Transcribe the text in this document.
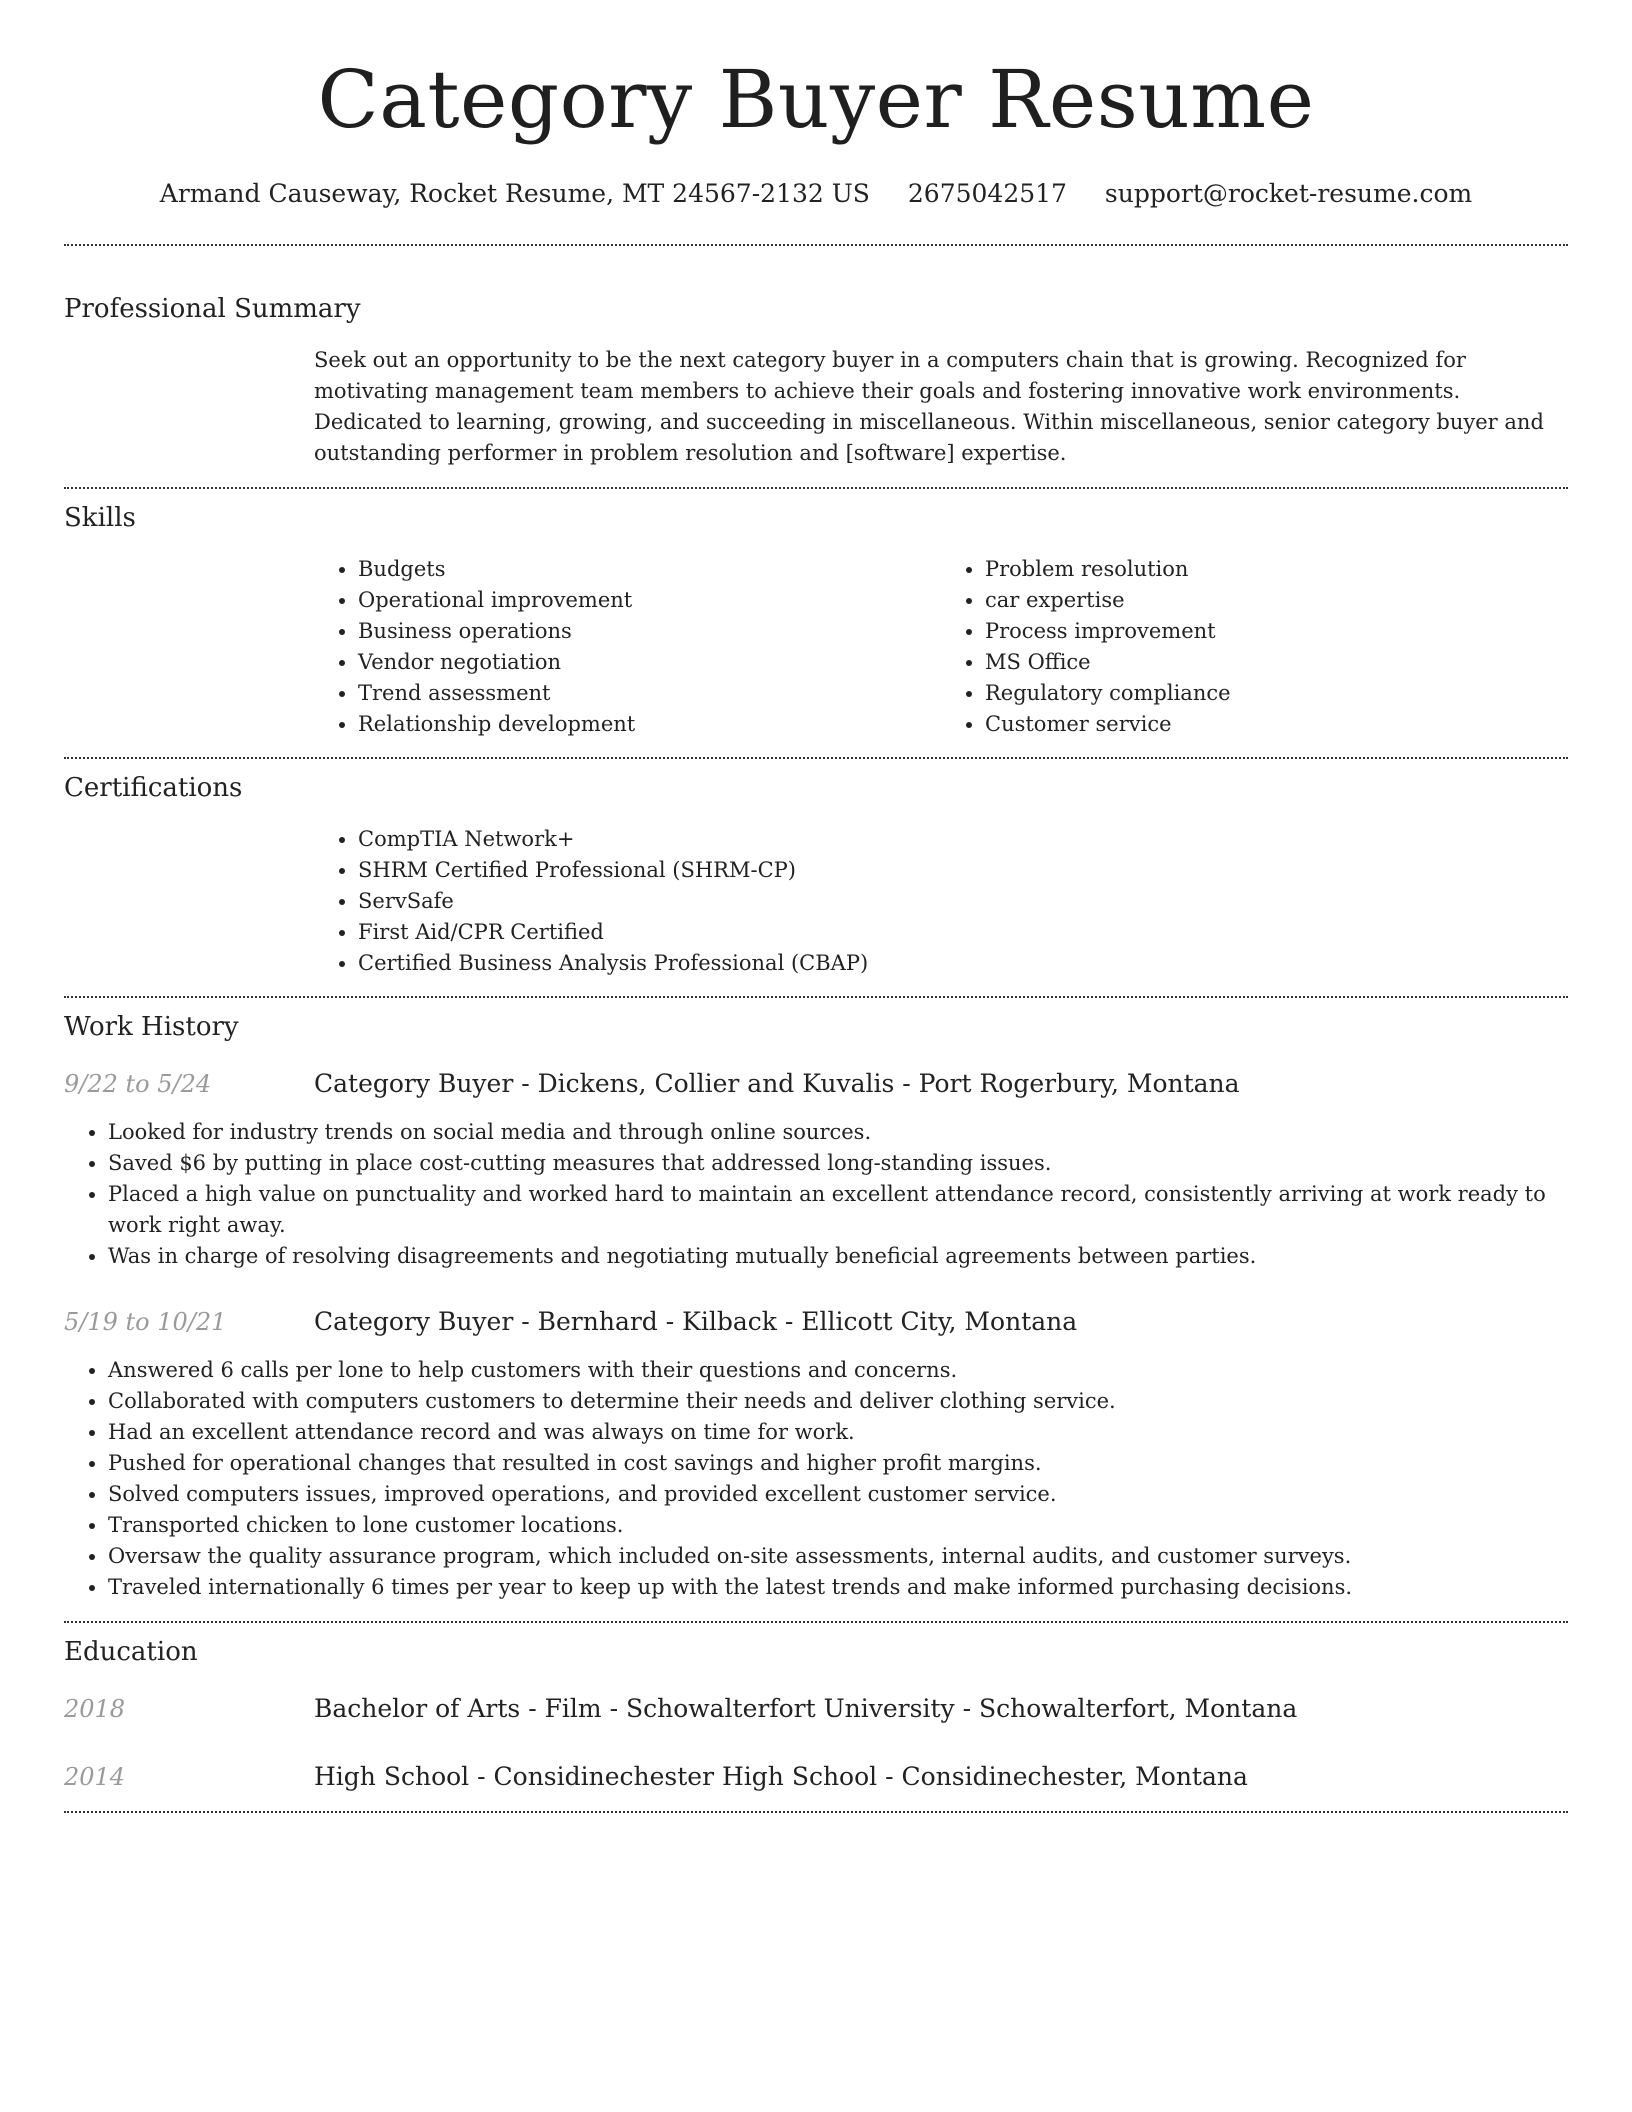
Category Buyer Resume
Armand Causeway, Rocket Resume, MT 24567-2132 US 2675042517 support@rocket-resume.com
Professional Summary

Seek out an opportunity to be the next category buyer in a computers chain that is growing. Recognized for motivating management team members to achieve their goals and fostering innovative work environments. Dedicated to learning, growing, and succeeding in miscellaneous. Within miscellaneous, senior category buyer and outstanding performer in problem resolution and [software] expertise.

Skills
• Budgets
• Operational improvement
• Business operations
• Vendor negotiation
• Trend assessment
• Relationship development
• Problem resolution
• car expertise
• Process improvement
• MS Office
• Regulatory compliance
• Customer service
Certifications
• CompTIA Network+
• SHRM Certified Professional (SHRM-CP)
• ServSafe
• First Aid/CPR Certified
• Certified Business Analysis Professional (CBAP)
Work History
9/22 to 5/24	Category Buyer - Dickens, Collier and Kuvalis - Port Rogerbury, Montana
• Looked for industry trends on social media and through online sources.
• Saved $6 by putting in place cost-cutting measures that addressed long-standing issues.
• Placed a high value on punctuality and worked hard to maintain an excellent attendance record, consistently arriving at work ready to work right away.
• Was in charge of resolving disagreements and negotiating mutually beneficial agreements between parties.
5/19 to 10/21	Category Buyer - Bernhard - Kilback - Ellicott City, Montana
• Answered 6 calls per lone to help customers with their questions and concerns.
• Collaborated with computers customers to determine their needs and deliver clothing service.
• Had an excellent attendance record and was always on time for work.
• Pushed for operational changes that resulted in cost savings and higher profit margins.
• Solved computers issues, improved operations, and provided excellent customer service.
• Transported chicken to lone customer locations.
• Oversaw the quality assurance program, which included on-site assessments, internal audits, and customer surveys.
• Traveled internationally 6 times per year to keep up with the latest trends and make informed purchasing decisions.
Education
2018	Bachelor of Arts - Film - Schowalterfort University - Schowalterfort, Montana
2014	High School - Considinechester High School - Considinechester, Montana
